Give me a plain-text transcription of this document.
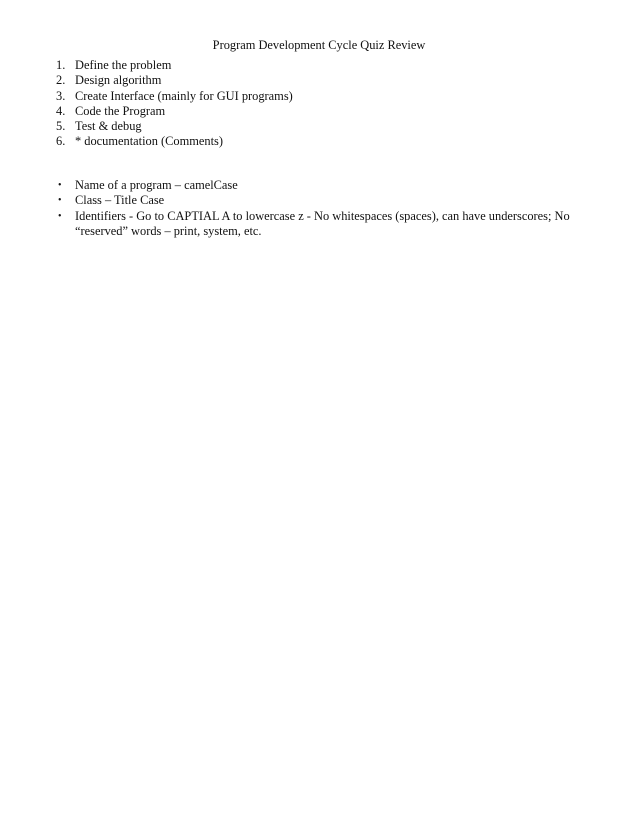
Program Development Cycle Quiz Review
1. Define the problem
2. Design algorithm
3. Create Interface (mainly for GUI programs)
4. Code the Program
5. Test & debug
6. * documentation (Comments)
• Name of a program – camelCase
• Class – Title Case
• Identifiers - Go to CAPTIAL A to lowercase z - No whitespaces (spaces), can have underscores; No “reserved” words – print, system, etc.
